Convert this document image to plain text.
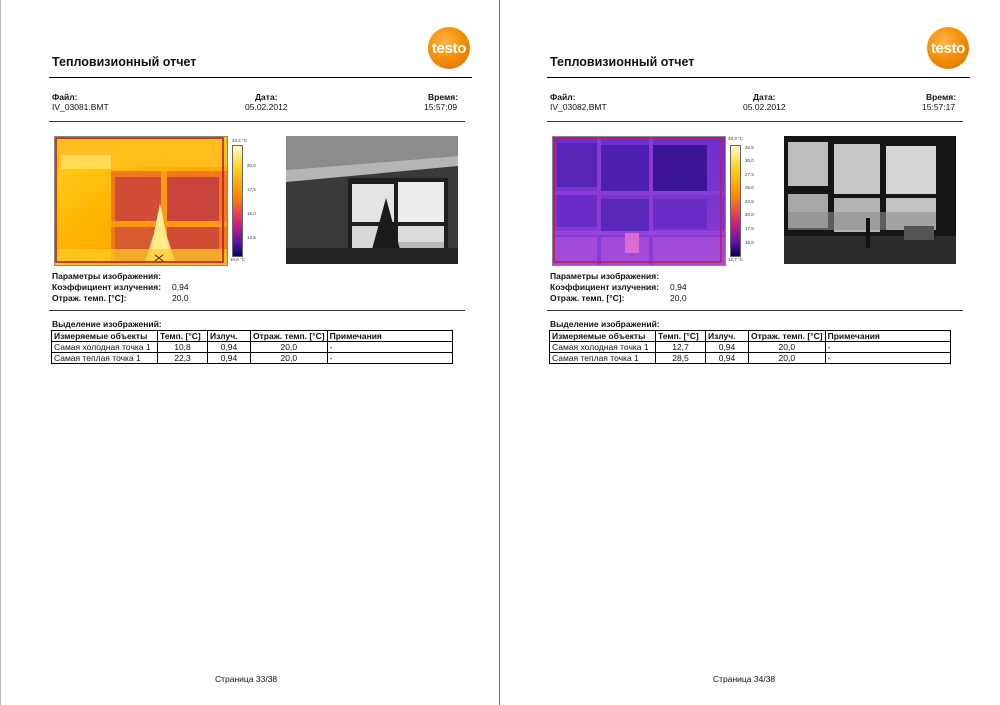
Тепловизионный отчет
testo
Файл:
IV_03081.BMT
Дата:
05.02.2012
Время:
15:57:09
22,4 °C
20,0
17,5
15,0
12,5
10,6 °C
Параметры изображения:
Коэффициент излучения: 0,94
Отраж. темп. [°C]:	20,0
Выделение изображений:
Измеряемые объекты	Темп. [°C]	Излуч.	Отраж. темп. [°C]	Примечания
Самая холодная точка 1	10,8	0,94	20,0	-
Самая теплая точка 1	22,3	0,94	20,0	-
Страница 33/38
Тепловизионный отчет
testo
Файл:
IV_03082.BMT
Дата:
05.02.2012
Время:
15:57:17
33,3 °C
32,5
30,0
27,5
25,0
22,5
20,0
17,5
15,0
12,7 °C
Параметры изображения:
Коэффициент излучения: 0,94
Отраж. темп. [°C]:	20,0
Выделение изображений:
Измеряемые объекты	Темп. [°C]	Излуч.	Отраж. темп. [°C]	Примечания
Самая холодная точка 1	12,7	0,94	20,0	-
Самая теплая точка 1	28,5	0,94	20,0	-
Страница 34/38
